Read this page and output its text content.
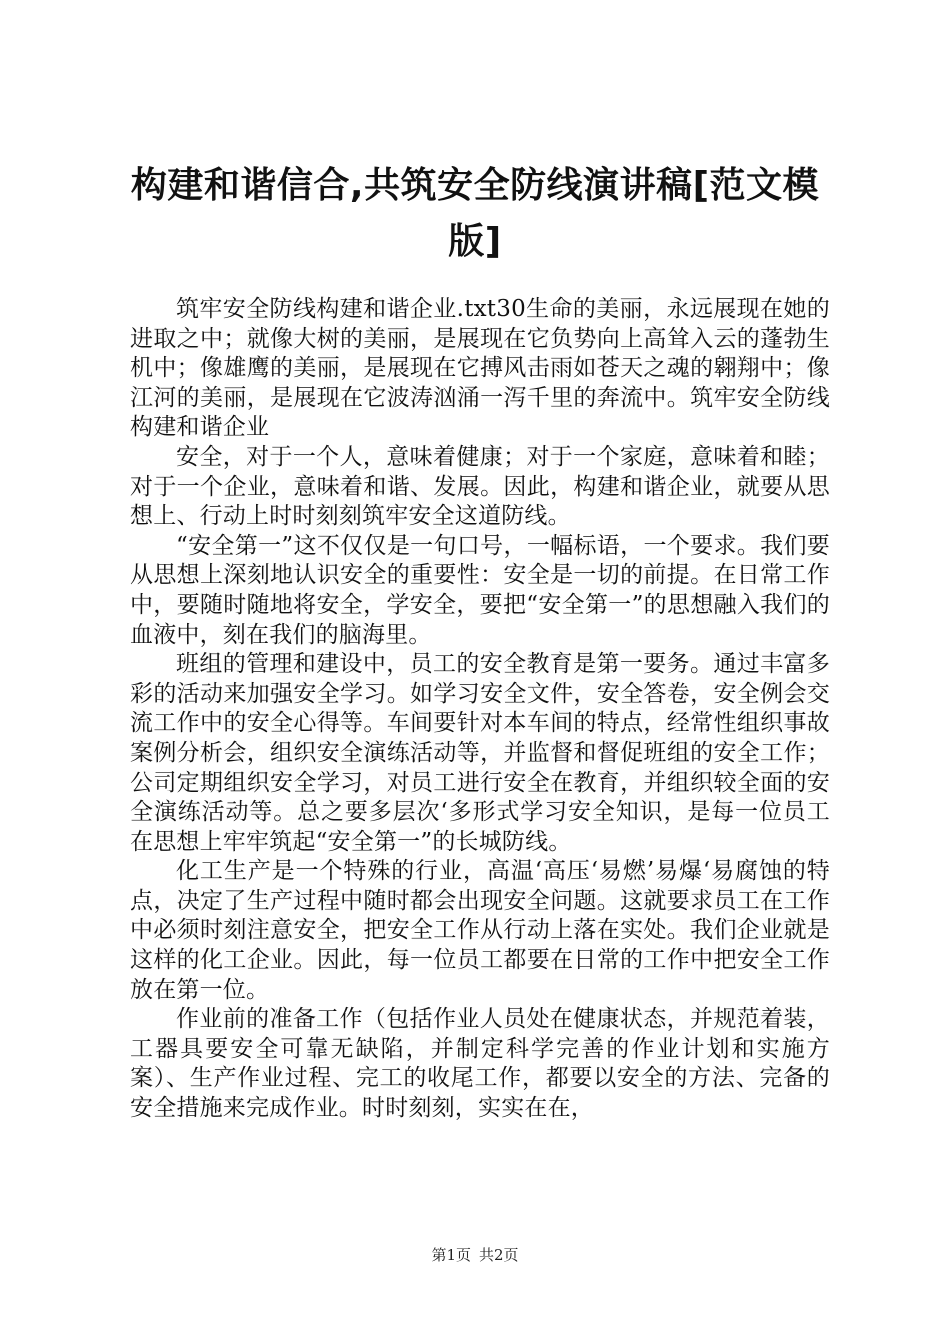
构建和谐信合,共筑安全防线演讲稿[范文模版]

筑牢安全防线构建和谐企业.txt30生命的美丽，永远展现在她的进取之中；就像大树的美丽，是展现在它负势向上高耸入云的蓬勃生机中；像雄鹰的美丽，是展现在它搏风击雨如苍天之魂的翱翔中；像江河的美丽，是展现在它波涛汹涌一泻千里的奔流中。筑牢安全防线构建和谐企业

安全，对于一个人，意味着健康；对于一个家庭，意味着和睦；对于一个企业，意味着和谐、发展。因此，构建和谐企业，就要从思想上、行动上时时刻刻筑牢安全这道防线。

“安全第一”这不仅仅是一句口号，一幅标语，一个要求。我们要从思想上深刻地认识安全的重要性：安全是一切的前提。在日常工作中，要随时随地将安全，学安全，要把“安全第一”的思想融入我们的血液中，刻在我们的脑海里。

班组的管理和建设中，员工的安全教育是第一要务。通过丰富多彩的活动来加强安全学习。如学习安全文件，安全答卷，安全例会交流工作中的安全心得等。车间要针对本车间的特点，经常性组织事故案例分析会，组织安全演练活动等，并监督和督促班组的安全工作；公司定期组织安全学习，对员工进行安全在教育，并组织较全面的安全演练活动等。总之要多层次‘多形式学习安全知识，是每一位员工在思想上牢牢筑起“安全第一”的长城防线。

化工生产是一个特殊的行业，高温‘高压‘易燃’易爆‘易腐蚀的特点，决定了生产过程中随时都会出现安全问题。这就要求员工在工作中必须时刻注意安全，把安全工作从行动上落在实处。我们企业就是这样的化工企业。因此，每一位员工都要在日常的工作中把安全工作放在第一位。

作业前的准备工作（包括作业人员处在健康状态，并规范着装，工器具要安全可靠无缺陷，并制定科学完善的作业计划和实施方案）、生产作业过程、完工的收尾工作，都要以安全的方法、完备的安全措施来完成作业。时时刻刻，实实在在，

第1页 共2页
